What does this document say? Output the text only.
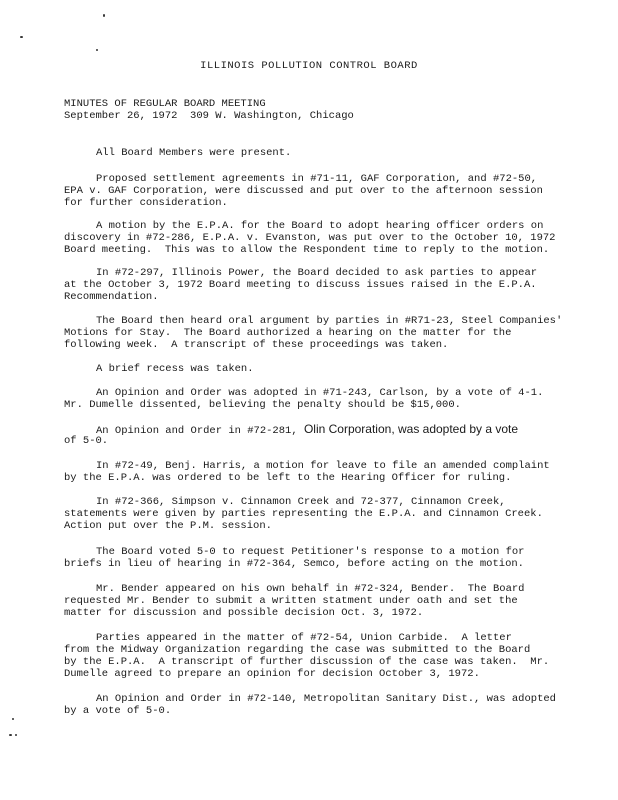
ILLINOIS POLLUTION CONTROL BOARD
MINUTES OF REGULAR BOARD MEETING
September 26, 1972  309 W. Washington, Chicago
All Board Members were present.
Proposed settlement agreements in #71-11, GAF Corporation, and #72-50,
EPA v. GAF Corporation, were discussed and put over to the afternoon session
for further consideration.
A motion by the E.P.A. for the Board to adopt hearing officer orders on
discovery in #72-286, E.P.A. v. Evanston, was put over to the October 10, 1972
Board meeting.  This was to allow the Respondent time to reply to the motion.
In #72-297, Illinois Power, the Board decided to ask parties to appear
at the October 3, 1972 Board meeting to discuss issues raised in the E.P.A.
Recommendation.
The Board then heard oral argument by parties in #R71-23, Steel Companies'
Motions for Stay.  The Board authorized a hearing on the matter for the
following week.  A transcript of these proceedings was taken.
A brief recess was taken.
An Opinion and Order was adopted in #71-243, Carlson, by a vote of 4-1.
Mr. Dumelle dissented, believing the penalty should be $15,000.
An Opinion and Order in #72-281, Olin Corporation, was adopted by a vote
of 5-0.
In #72-49, Benj. Harris, a motion for leave to file an amended complaint
by the E.P.A. was ordered to be left to the Hearing Officer for ruling.
In #72-366, Simpson v. Cinnamon Creek and 72-377, Cinnamon Creek,
statements were given by parties representing the E.P.A. and Cinnamon Creek.
Action put over the P.M. session.
The Board voted 5-0 to request Petitioner's response to a motion for
briefs in lieu of hearing in #72-364, Semco, before acting on the motion.
Mr. Bender appeared on his own behalf in #72-324, Bender.  The Board
requested Mr. Bender to submit a written statment under oath and set the
matter for discussion and possible decision Oct. 3, 1972.
Parties appeared in the matter of #72-54, Union Carbide.  A letter
from the Midway Organization regarding the case was submitted to the Board
by the E.P.A.  A transcript of further discussion of the case was taken.  Mr.
Dumelle agreed to prepare an opinion for decision October 3, 1972.
An Opinion and Order in #72-140, Metropolitan Sanitary Dist., was adopted
by a vote of 5-0.
